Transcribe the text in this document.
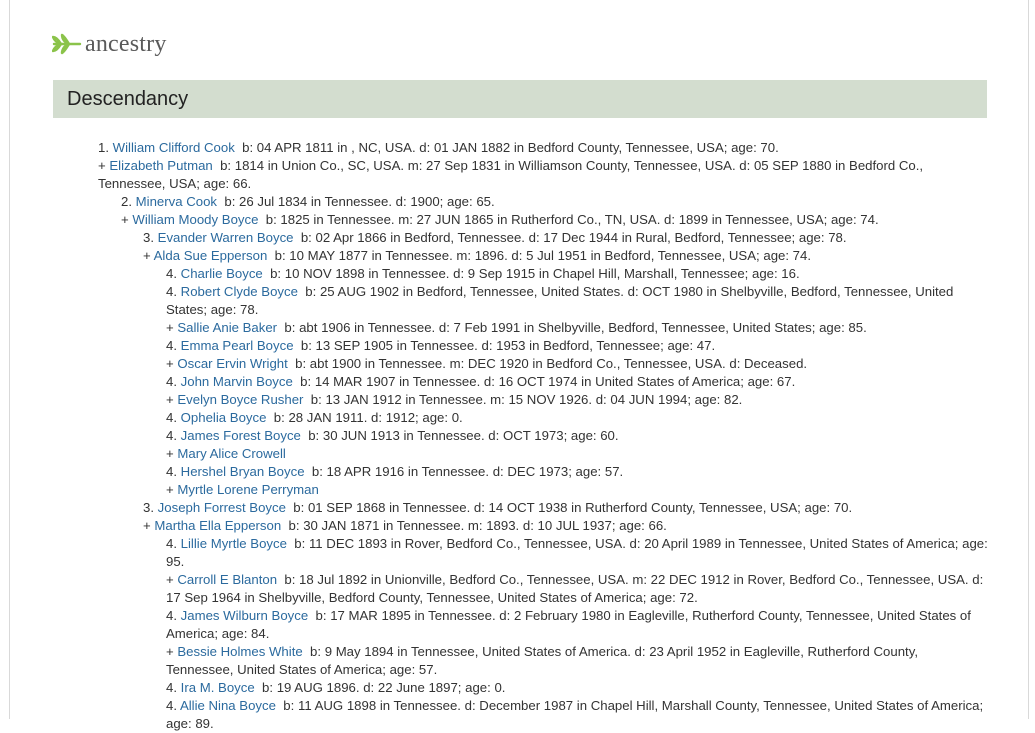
ancestry
Descendancy
1. William Clifford Cook  b: 04 APR 1811 in , NC, USA. d: 01 JAN 1882 in Bedford County, Tennessee, USA; age: 70.
+ Elizabeth Putman  b: 1814 in Union Co., SC, USA. m: 27 Sep 1831 in Williamson County, Tennessee, USA. d: 05 SEP 1880 in Bedford Co., Tennessee, USA; age: 66.
2. Minerva Cook  b: 26 Jul 1834 in Tennessee. d: 1900; age: 65.
+ William Moody Boyce  b: 1825 in Tennessee. m: 27 JUN 1865 in Rutherford Co., TN, USA. d: 1899 in Tennessee, USA; age: 74.
3. Evander Warren Boyce  b: 02 Apr 1866 in Bedford, Tennessee. d: 17 Dec 1944 in Rural, Bedford, Tennessee; age: 78.
+ Alda Sue Epperson  b: 10 MAY 1877 in Tennessee. m: 1896. d: 5 Jul 1951 in Bedford, Tennessee, USA; age: 74.
4. Charlie Boyce  b: 10 NOV 1898 in Tennessee. d: 9 Sep 1915 in Chapel Hill, Marshall, Tennessee; age: 16.
4. Robert Clyde Boyce  b: 25 AUG 1902 in Bedford, Tennessee, United States. d: OCT 1980 in Shelbyville, Bedford, Tennessee, United States; age: 78.
+ Sallie Anie Baker  b: abt 1906 in Tennessee. d: 7 Feb 1991 in Shelbyville, Bedford, Tennessee, United States; age: 85.
4. Emma Pearl Boyce  b: 13 SEP 1905 in Tennessee. d: 1953 in Bedford, Tennessee; age: 47.
+ Oscar Ervin Wright  b: abt 1900 in Tennessee. m: DEC 1920 in Bedford Co., Tennessee, USA. d: Deceased.
4. John Marvin Boyce  b: 14 MAR 1907 in Tennessee. d: 16 OCT 1974 in United States of America; age: 67.
+ Evelyn Boyce Rusher  b: 13 JAN 1912 in Tennessee. m: 15 NOV 1926. d: 04 JUN 1994; age: 82.
4. Ophelia Boyce  b: 28 JAN 1911. d: 1912; age: 0.
4. James Forest Boyce  b: 30 JUN 1913 in Tennessee. d: OCT 1973; age: 60.
+ Mary Alice Crowell
4. Hershel Bryan Boyce  b: 18 APR 1916 in Tennessee. d: DEC 1973; age: 57.
+ Myrtle Lorene Perryman
3. Joseph Forrest Boyce  b: 01 SEP 1868 in Tennessee. d: 14 OCT 1938 in Rutherford County, Tennessee, USA; age: 70.
+ Martha Ella Epperson  b: 30 JAN 1871 in Tennessee. m: 1893. d: 10 JUL 1937; age: 66.
4. Lillie Myrtle Boyce  b: 11 DEC 1893 in Rover, Bedford Co., Tennessee, USA. d: 20 April 1989 in Tennessee, United States of America; age: 95.
+ Carroll E Blanton  b: 18 Jul 1892 in Unionville, Bedford Co., Tennessee, USA. m: 22 DEC 1912 in Rover, Bedford Co., Tennessee, USA. d: 17 Sep 1964 in Shelbyville, Bedford County, Tennessee, United States of America; age: 72.
4. James Wilburn Boyce  b: 17 MAR 1895 in Tennessee. d: 2 February 1980 in Eagleville, Rutherford County, Tennessee, United States of America; age: 84.
+ Bessie Holmes White  b: 9 May 1894 in Tennessee, United States of America. d: 23 April 1952 in Eagleville, Rutherford County, Tennessee, United States of America; age: 57.
4. Ira M. Boyce  b: 19 AUG 1896. d: 22 June 1897; age: 0.
4. Allie Nina Boyce  b: 11 AUG 1898 in Tennessee. d: December 1987 in Chapel Hill, Marshall County, Tennessee, United States of America; age: 89.
